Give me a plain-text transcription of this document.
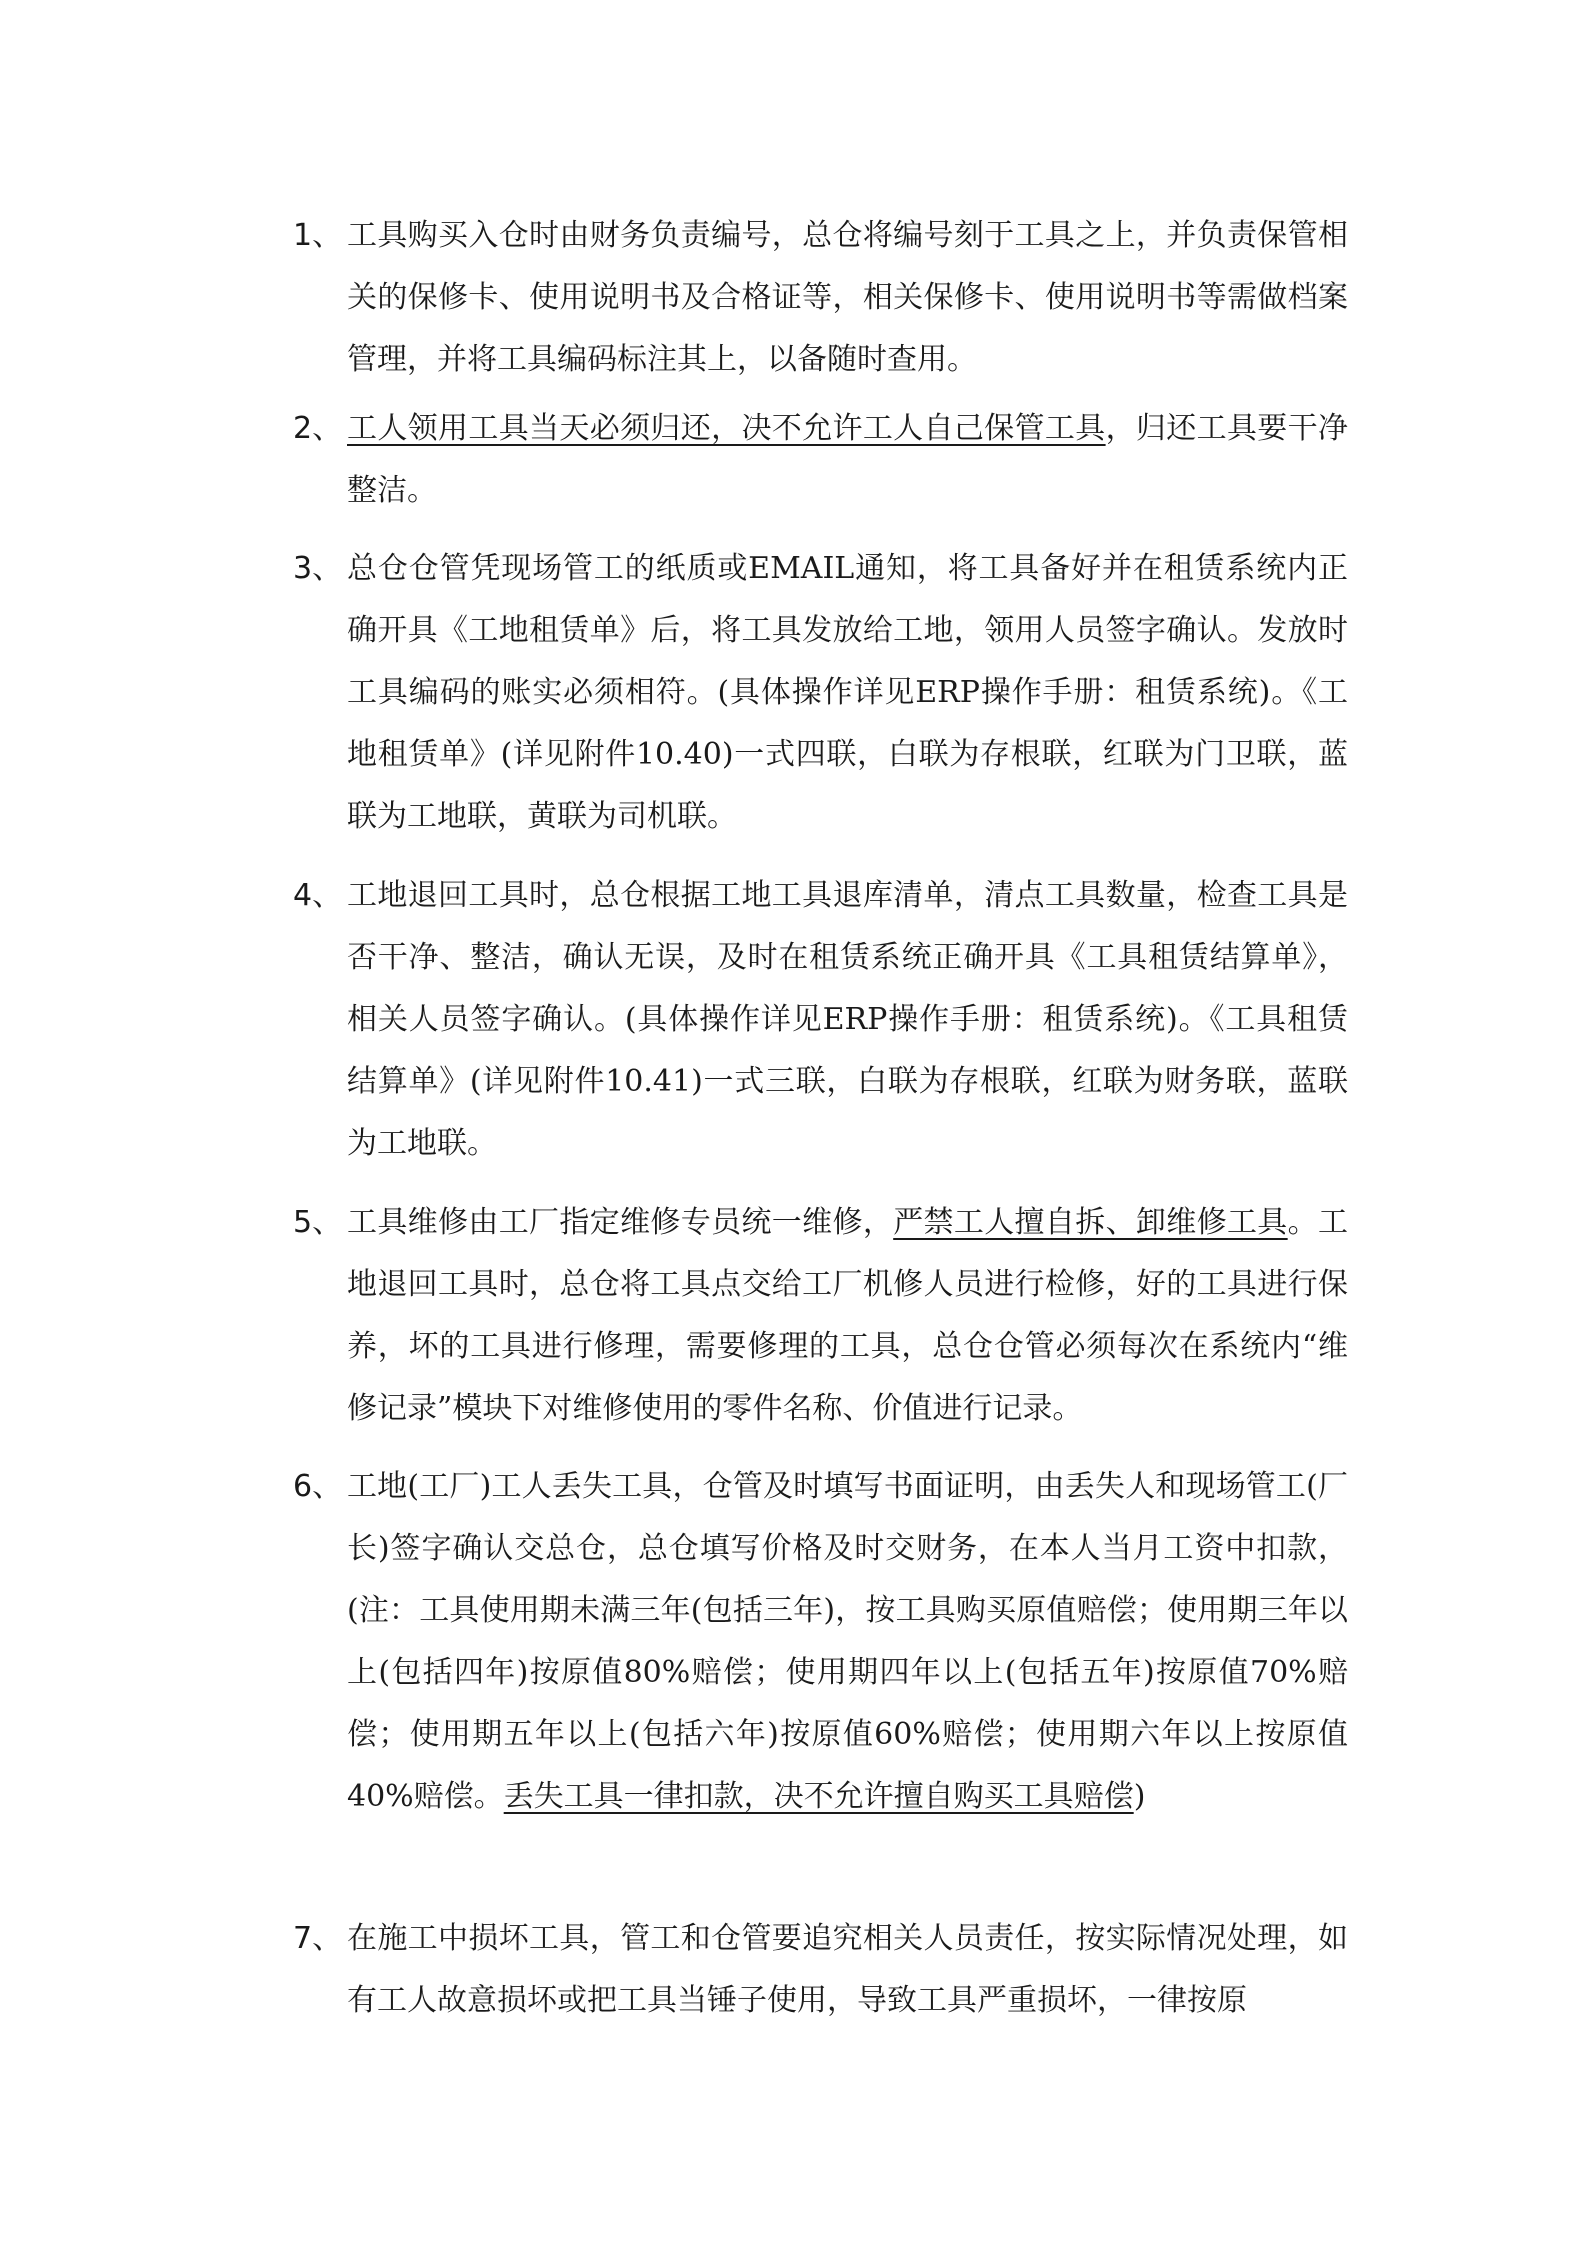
1、 工具购买入仓时由财务负责编号，总仓将编号刻于工具之上，并负责保管相关的保修卡、使用说明书及合格证等，相关保修卡、使用说明书等需做档案管理，并将工具编码标注其上，以备随时查用。
2、 工人领用工具当天必须归还，决不允许工人自己保管工具，归还工具要干净整洁。
3、 总仓仓管凭现场管工的纸质或EMAIL通知，将工具备好并在租赁系统内正确开具《工地租赁单》后，将工具发放给工地，领用人员签字确认。发放时工具编码的账实必须相符。(具体操作详见ERP操作手册：租赁系统)。《工地租赁单》(详见附件10.40)一式四联，白联为存根联，红联为门卫联，蓝联为工地联，黄联为司机联。
4、 工地退回工具时，总仓根据工地工具退库清单，清点工具数量，检查工具是否干净、整洁，确认无误，及时在租赁系统正确开具《工具租赁结算单》，相关人员签字确认。(具体操作详见ERP操作手册：租赁系统)。《工具租赁结算单》(详见附件10.41)一式三联，白联为存根联，红联为财务联，蓝联为工地联。
5、 工具维修由工厂指定维修专员统一维修，严禁工人擅自拆、卸维修工具。工地退回工具时，总仓将工具点交给工厂机修人员进行检修，好的工具进行保养，坏的工具进行修理，需要修理的工具，总仓仓管必须每次在系统内“维修记录”模块下对维修使用的零件名称、价值进行记录。
6、 工地(工厂)工人丢失工具，仓管及时填写书面证明，由丢失人和现场管工(厂长)签字确认交总仓，总仓填写价格及时交财务，在本人当月工资中扣款，(注：工具使用期未满三年(包括三年)，按工具购买原值赔偿；使用期三年以上(包括四年)按原值80%赔偿；使用期四年以上(包括五年)按原值70%赔偿；使用期五年以上(包括六年)按原值60%赔偿；使用期六年以上按原值40%赔偿。丢失工具一律扣款，决不允许擅自购买工具赔偿)
7、 在施工中损坏工具，管工和仓管要追究相关人员责任，按实际情况处理，如有工人故意损坏或把工具当锤子使用，导致工具严重损坏，一律按原
